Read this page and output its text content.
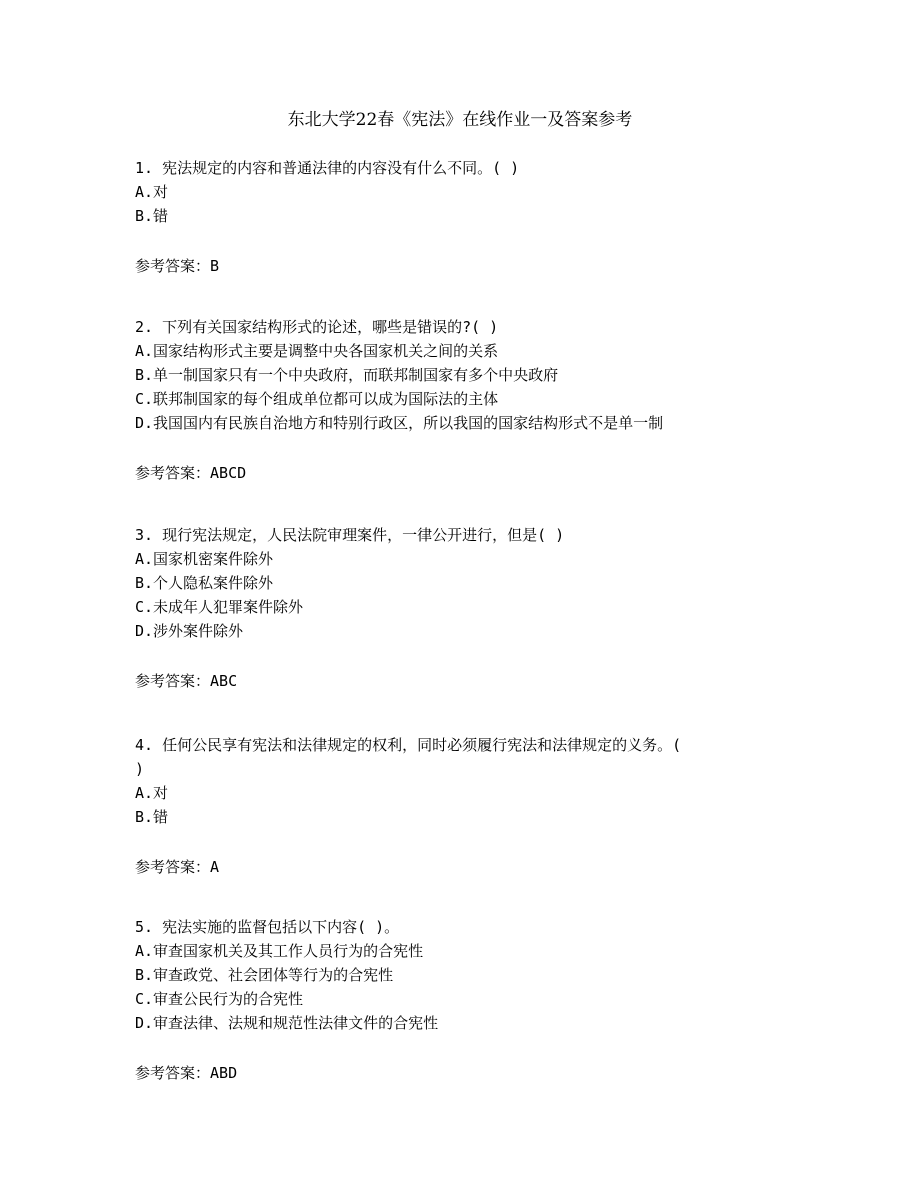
东北大学22春《宪法》在线作业一及答案参考
1. 宪法规定的内容和普通法律的内容没有什么不同。( )
A.对
B.错
参考答案：B
2. 下列有关国家结构形式的论述，哪些是错误的?( )
A.国家结构形式主要是调整中央各国家机关之间的关系
B.单一制国家只有一个中央政府，而联邦制国家有多个中央政府
C.联邦制国家的每个组成单位都可以成为国际法的主体
D.我国国内有民族自治地方和特别行政区，所以我国的国家结构形式不是单一制
参考答案：ABCD
3. 现行宪法规定，人民法院审理案件，一律公开进行，但是( )
A.国家机密案件除外
B.个人隐私案件除外
C.未成年人犯罪案件除外
D.涉外案件除外
参考答案：ABC
4. 任何公民享有宪法和法律规定的权利，同时必须履行宪法和法律规定的义务。(
)
A.对
B.错
参考答案：A
5. 宪法实施的监督包括以下内容( )。
A.审查国家机关及其工作人员行为的合宪性
B.审查政党、社会团体等行为的合宪性
C.审查公民行为的合宪性
D.审查法律、法规和规范性法律文件的合宪性
参考答案：ABD
